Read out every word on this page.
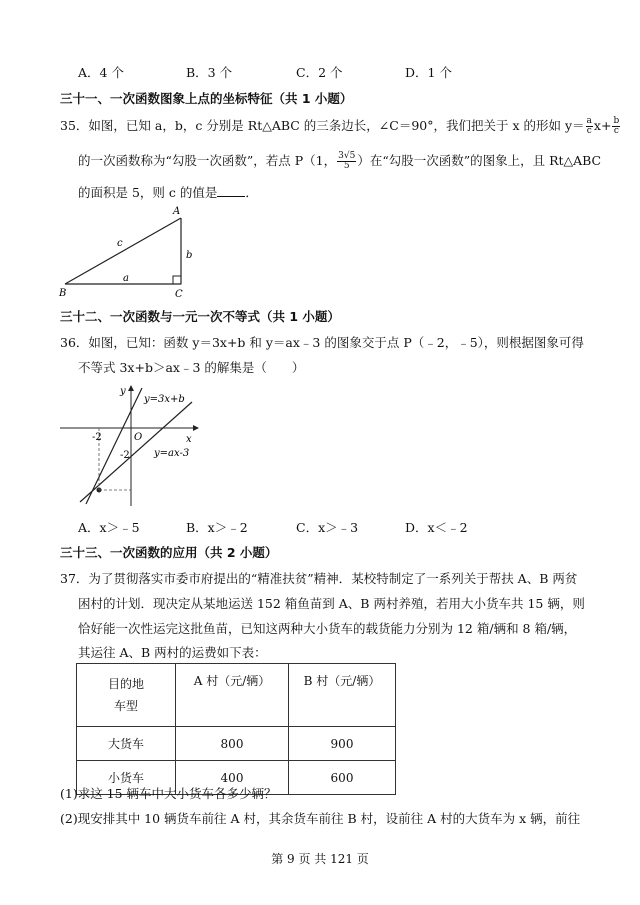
A．4 个	B．3 个	C．2 个	D．1 个
三十一、一次函数图象上点的坐标特征（共 1 小题）
35．如图，已知 a，b，c 分别是 Rt△ABC 的三条边长，∠C＝90°，我们把关于 x 的形如 $y= \frac{a}{c} x+ \frac{b}{c}$
的一次函数称为“勾股一次函数”，若点 P（1， $\frac{3√5}{5}$ ）在“勾股一次函数”的图象上，且 Rt△ABC
的面积是 5，则 c 的值是 ．
A
B	C
a
b
c
三十二、一次函数与一元一次不等式（共 1 小题）
36．如图，已知：函数 y＝3x+b 和 y＝ax﹣3 的图象交于点 P（﹣2，﹣5），则根据图象可得
不等式 3x+b＞ax﹣3 的解集是（　　）
y
x
O
-2
-2
y=3x+b
y=ax-3
A．x＞﹣5	B．x＞﹣2	C．x＞﹣3	D．x＜﹣2
三十三、一次函数的应用（共 2 小题）
37．为了贯彻落实市委市府提出的“精准扶贫”精神．某校特制定了一系列关于帮扶 A、B 两贫
困村的计划．现决定从某地运送 152 箱鱼苗到 A、B 两村养殖，若用大小货车共 15 辆，则
恰好能一次性运完这批鱼苗，已知这两种大小货车的载货能力分别为 12 箱/辆和 8 箱/辆，
其运往 A、B 两村的运费如下表：
目的地
车型	A 村（元/辆）	B 村（元/辆）
大货车	800	900
小货车	400	600
(1)求这 15 辆车中大小货车各多少辆？
(2)现安排其中 10 辆货车前往 A 村，其余货车前往 B 村，设前往 A 村的大货车为 x 辆，前往
第 9 页 共 121 页
